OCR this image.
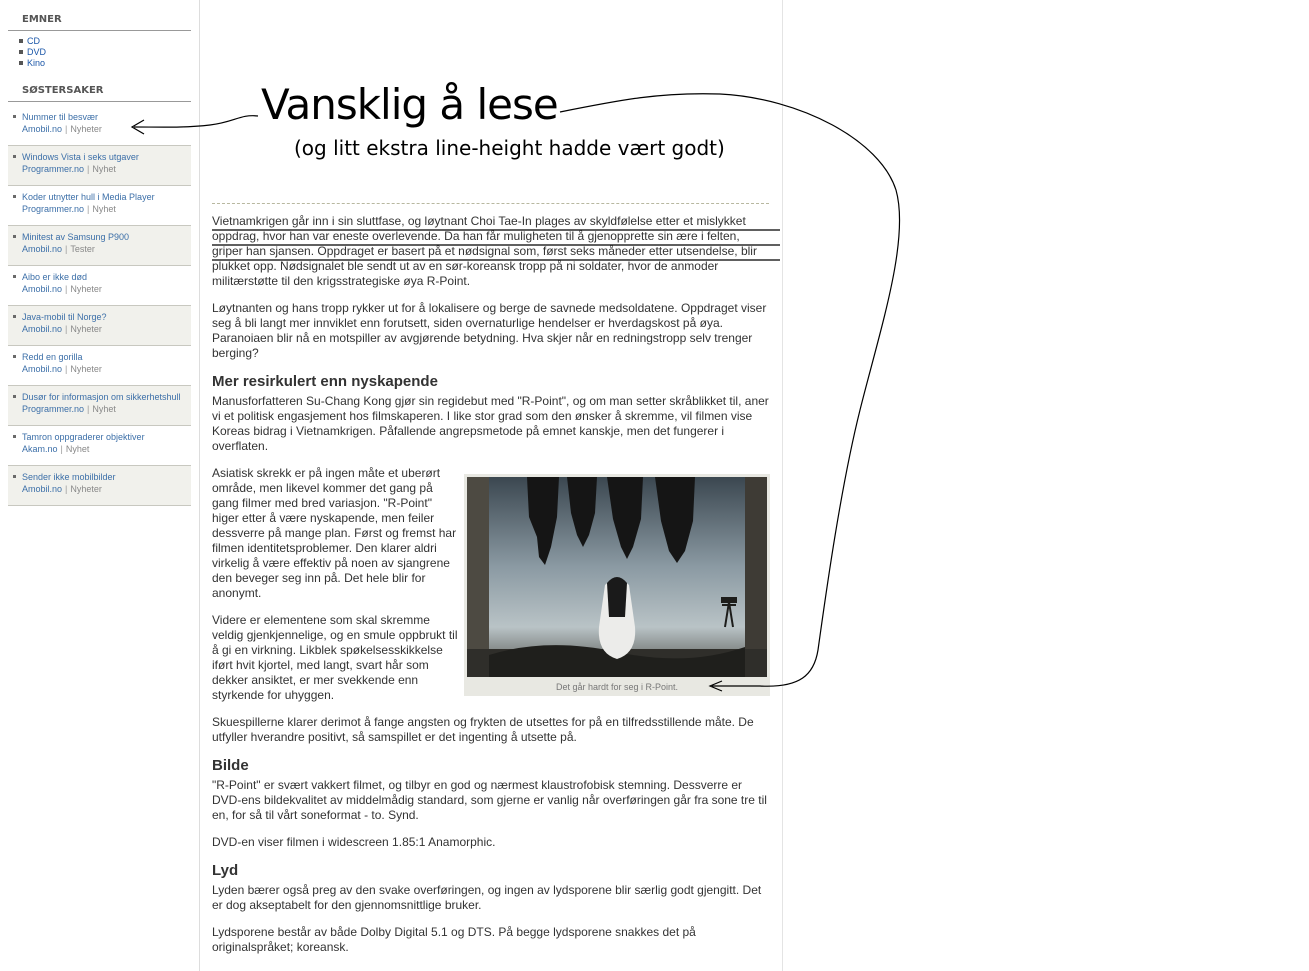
EMNER
CD
DVD
Kino
SØSTERSAKER
Nummer til besvær
Amobil.no | Nyheter
Windows Vista i seks utgaver
Programmer.no | Nyhet
Koder utnytter hull i Media Player
Programmer.no | Nyhet
Minitest av Samsung P900
Amobil.no | Tester
Aibo er ikke død
Amobil.no | Nyheter
Java-mobil til Norge?
Amobil.no | Nyheter
Redd en gorilla
Amobil.no | Nyheter
Dusør for informasjon om sikkerhetshull
Programmer.no | Nyhet
Tamron oppgraderer objektiver
Akam.no | Nyhet
Sender ikke mobilbilder
Amobil.no | Nyheter

Vietnamkrigen går inn i sin sluttfase, og løytnant Choi Tae-In plages av skyldfølelse etter et mislykket oppdrag, hvor han var eneste overlevende. Da han får muligheten til å gjenopprette sin ære i felten, griper han sjansen. Oppdraget er basert på et nødsignal som, først seks måneder etter utsendelse, blir plukket opp. Nødsignalet ble sendt ut av en sør-koreansk tropp på ni soldater, hvor de anmoder militærstøtte til den krigsstrategiske øya R-Point.

Løytnanten og hans tropp rykker ut for å lokalisere og berge de savnede medsoldatene. Oppdraget viser seg å bli langt mer innviklet enn forutsett, siden overnaturlige hendelser er hverdagskost på øya. Paranoiaen blir nå en motspiller av avgjørende betydning. Hva skjer når en redningstropp selv trenger berging?

Mer resirkulert enn nyskapende

Manusforfatteren Su-Chang Kong gjør sin regidebut med "R-Point", og om man setter skråblikket til, aner vi et politisk engasjement hos filmskaperen. I like stor grad som den ønsker å skremme, vil filmen vise Koreas bidrag i Vietnamkrigen. Påfallende angrepsmetode på emnet kanskje, men det fungerer i overflaten.

Asiatisk skrekk er på ingen måte et uberørt område, men likevel kommer det gang på gang filmer med bred variasjon. "R-Point" higer etter å være nyskapende, men feiler dessverre på mange plan. Først og fremst har filmen identitetsproblemer. Den klarer aldri virkelig å være effektiv på noen av sjangrene den beveger seg inn på. Det hele blir for anonymt.

Videre er elementene som skal skremme veldig gjenkjennelige, og en smule oppbrukt til å gi en virkning. Likblek spøkelsesskikkelse iført hvit kjortel, med langt, svart hår som dekker ansiktet, er mer svekkende enn styrkende for uhyggen.

Det går hardt for seg i R-Point.

Skuespillerne klarer derimot å fange angsten og frykten de utsettes for på en tilfredsstillende måte. De utfyller hverandre positivt, så samspillet er det ingenting å utsette på.

Bilde

"R-Point" er svært vakkert filmet, og tilbyr en god og nærmest klaustrofobisk stemning. Dessverre er DVD-ens bildekvalitet av middelmådig standard, som gjerne er vanlig når overføringen går fra sone tre til en, for så til vårt soneformat - to. Synd.

DVD-en viser filmen i widescreen 1.85:1 Anamorphic.

Lyd

Lyden bærer også preg av den svake overføringen, og ingen av lydsporene blir særlig godt gjengitt. Det er dog akseptabelt for den gjennomsnittlige bruker.

Lydsporene består av både Dolby Digital 5.1 og DTS. På begge lydsporene snakkes det på originalspråket; koreansk.

Vansklig å lese
(og litt ekstra line-height hadde vært godt)
